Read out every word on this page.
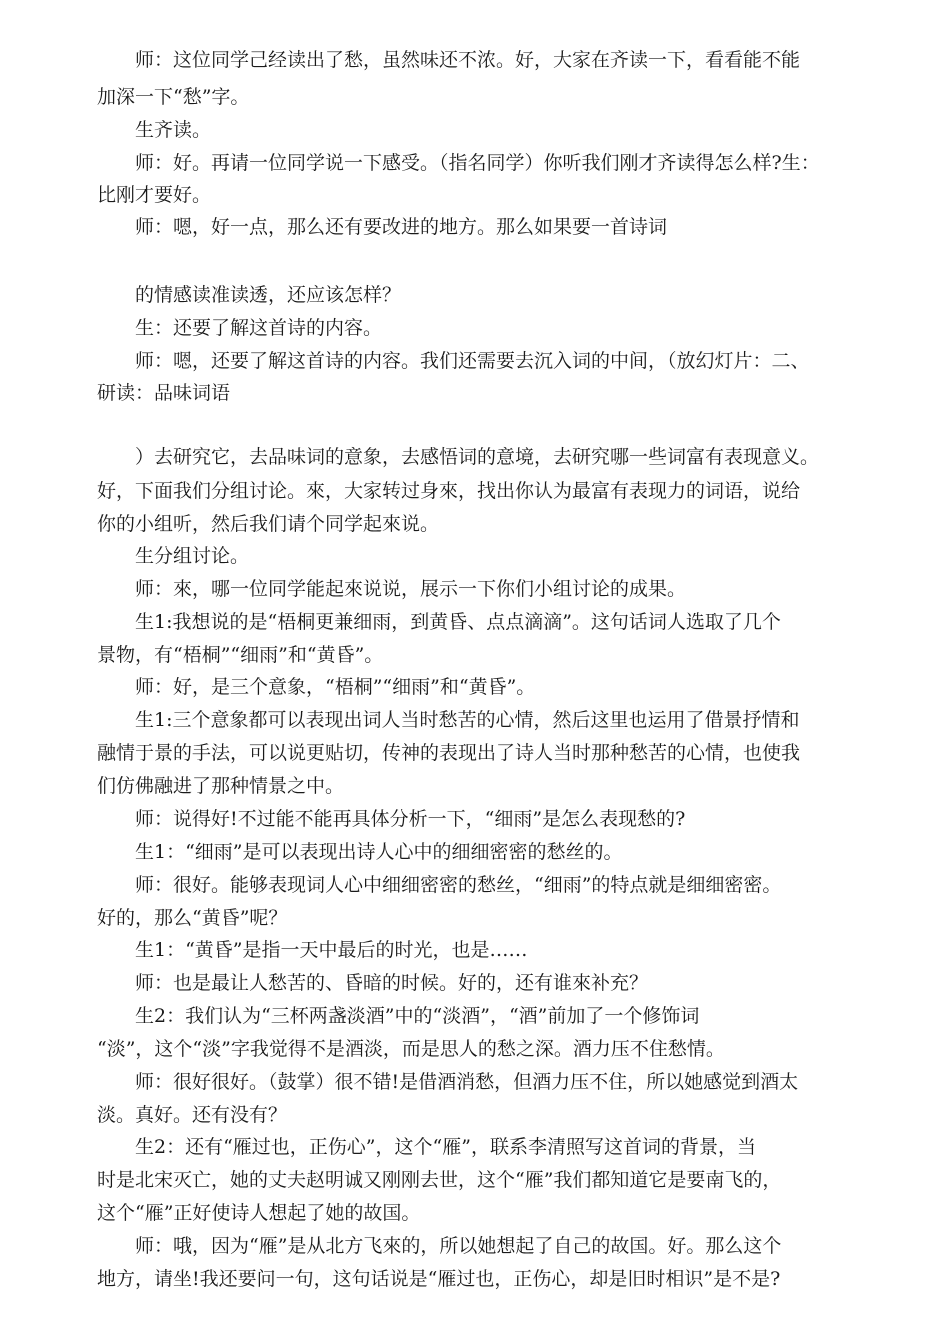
师：这位同学己经读出了愁，虽然味还不浓。好，大家在齐读一下，看看能不能
加深一下“愁”字。
生齐读。
师：好。再请一位同学说一下感受。（指名同学）你听我们刚才齐读得怎么样?生：
比刚才要好。
师：嗯，好一点，那么还有要改进的地方。那么如果要一首诗词
的情感读准读透，还应该怎样？
生：还要了解这首诗的内容。
师：嗯，还要了解这首诗的内容。我们还需要去沉入词的中间，（放幻灯片：二、
研读：品味词语
）去研究它，去品味词的意象，去感悟词的意境，去研究哪一些词富有表现意义。
好，下面我们分组讨论。來，大家转过身來，找出你认为最富有表现力的词语，说给
你的小组听，然后我们请个同学起來说。
生分组讨论。
师：來，哪一位同学能起來说说，展示一下你们小组讨论的成果。
生1:我想说的是“梧桐更兼细雨，到黄昏、点点滴滴”。这句话词人选取了几个
景物，有“梧桐”“细雨”和“黄昏”。
师：好，是三个意象，“梧桐”“细雨”和“黄昏”。
生1:三个意象都可以表现出词人当时愁苦的心情，然后这里也运用了借景抒情和
融情于景的手法，可以说更贴切，传神的表现出了诗人当时那种愁苦的心情，也使我
们仿佛融进了那种情景之中。
师：说得好!不过能不能再具体分析一下，“细雨”是怎么表现愁的?
生1：“细雨”是可以表现出诗人心中的细细密密的愁丝的。
师：很好。能够表现词人心中细细密密的愁丝，“细雨”的特点就是细细密密。
好的，那么“黄昏”呢？
生1：“黄昏”是指一天中最后的时光，也是……
师：也是最让人愁苦的、昏暗的时候。好的，还有谁來补充？
生2：我们认为“三杯两盏淡酒”中的“淡酒”，“酒”前加了一个修饰词
“淡”，这个“淡”字我觉得不是酒淡，而是思人的愁之深。酒力压不住愁情。
师：很好很好。（鼓掌）很不错!是借酒消愁，但酒力压不住，所以她感觉到酒太
淡。真好。还有没有？
生2：还有“雁过也，正伤心”，这个“雁”，联系李清照写这首词的背景，当
时是北宋灭亡，她的丈夫赵明诚又刚刚去世，这个“雁”我们都知道它是要南飞的，
这个“雁”正好使诗人想起了她的故国。
师：哦，因为“雁”是从北方飞來的，所以她想起了自己的故国。好。那么这个
地方，请坐!我还要问一句，这句话说是“雁过也，正伤心，却是旧时相识”是不是?
